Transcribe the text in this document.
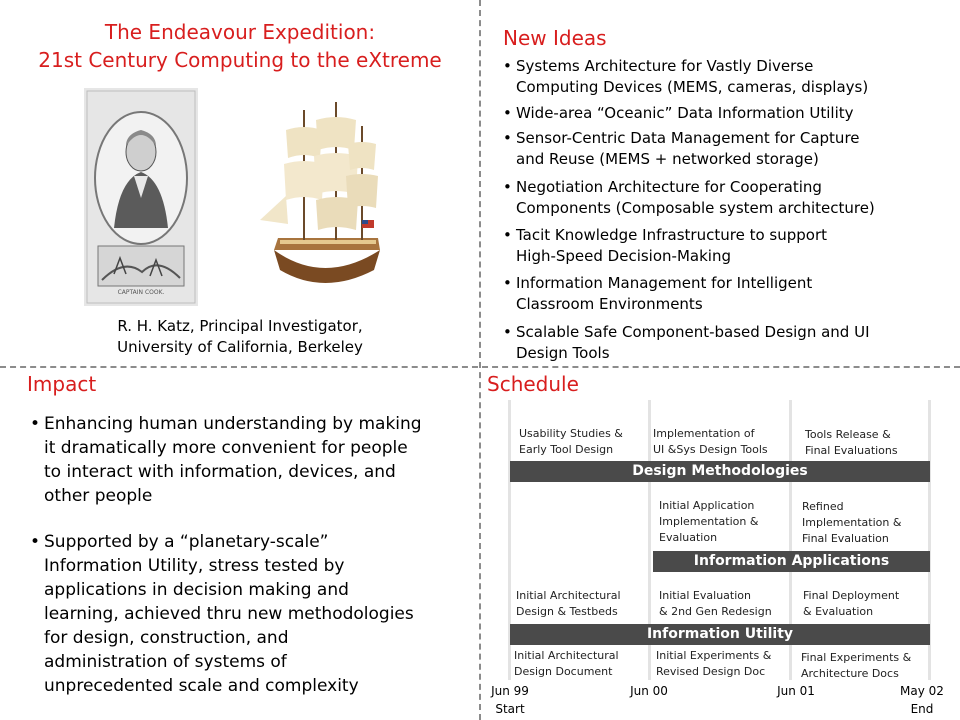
The Endeavour Expedition:
21st Century Computing to the eXtreme
CAPTAIN COOK.
R. H. Katz, Principal Investigator,
University of California, Berkeley
New Ideas
• Systems Architecture for Vastly Diverse
Computing Devices (MEMS, cameras, displays)
• Wide-area “Oceanic” Data Information Utility
• Sensor-Centric Data Management for Capture
and Reuse (MEMS + networked storage)
• Negotiation Architecture for Cooperating
Components (Composable system architecture)
• Tacit Knowledge Infrastructure to support
High-Speed Decision-Making
• Information Management for Intelligent
Classroom Environments
• Scalable Safe Component-based Design and UI
Design Tools
Impact
• Enhancing human understanding by making
it dramatically more convenient for people
to interact with information, devices, and
other people
• Supported by a “planetary-scale”
Information Utility, stress tested by
applications in decision making and
learning, achieved thru new methodologies
for design, construction, and
administration of systems of
unprecedented scale and complexity
Schedule
Usability Studies &
Early Tool Design
Implementation of
UI &Sys Design Tools
Tools Release &
Final Evaluations
Design Methodologies
Initial Application
Implementation &
Evaluation
Refined
Implementation &
Final Evaluation
Information Applications
Initial Architectural
Design & Testbeds
Initial Evaluation
& 2nd Gen Redesign
Final Deployment
& Evaluation
Information Utility
Initial Architectural
Design Document
Initial Experiments &
Revised Design Doc
Final Experiments &
Architecture Docs
Jun 99
Start
Jun 00	Jun 01	May 02
End
